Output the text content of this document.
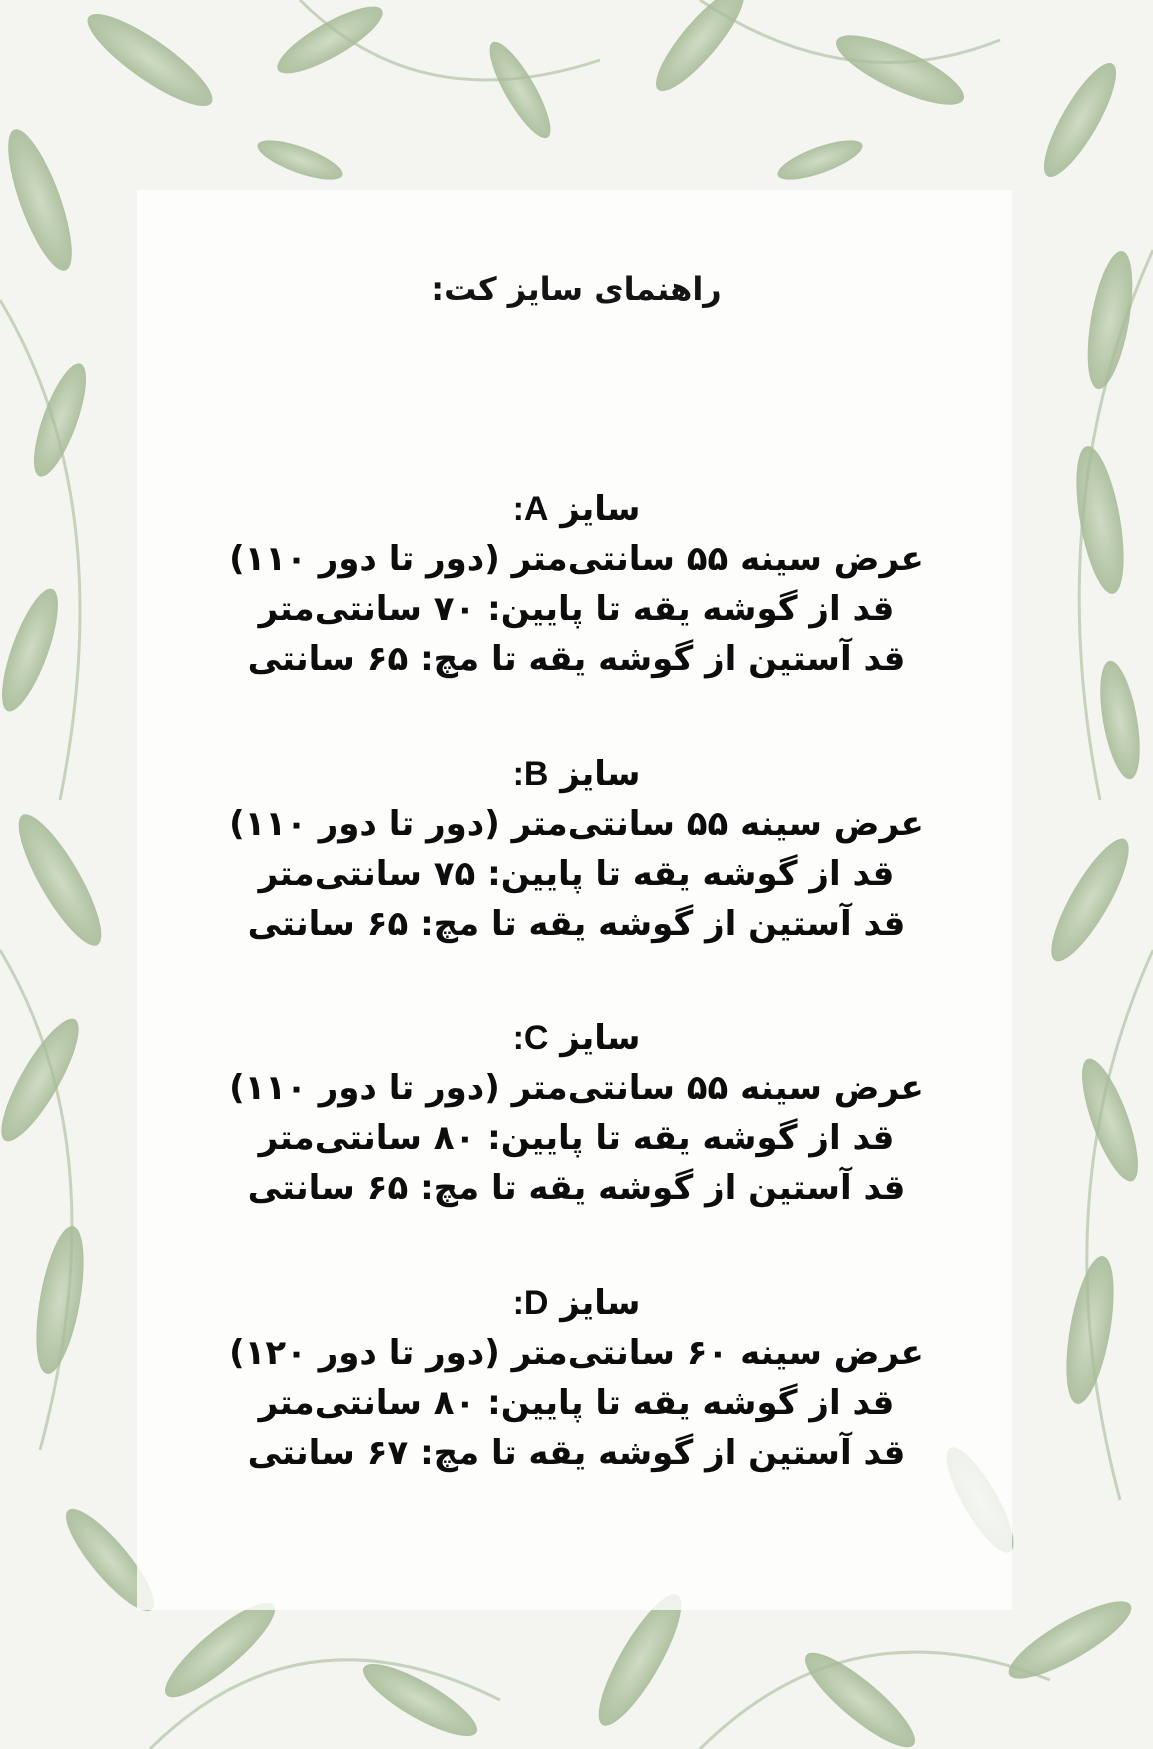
راهنمای سایز کت:
سایز A:
عرض سینه ۵۵ سانتی‌متر (دور تا دور ۱۱۰)
قد از گوشه یقه تا پایین: ۷۰ سانتی‌متر
قد آستین از گوشه یقه تا مچ: ۶۵ سانتی
سایز B:
عرض سینه ۵۵ سانتی‌متر (دور تا دور ۱۱۰)
قد از گوشه یقه تا پایین: ۷۵ سانتی‌متر
قد آستین از گوشه یقه تا مچ: ۶۵ سانتی
سایز C:
عرض سینه ۵۵ سانتی‌متر (دور تا دور ۱۱۰)
قد از گوشه یقه تا پایین: ۸۰ سانتی‌متر
قد آستین از گوشه یقه تا مچ: ۶۵ سانتی
سایز D:
عرض سینه ۶۰ سانتی‌متر (دور تا دور ۱۲۰)
قد از گوشه یقه تا پایین: ۸۰ سانتی‌متر
قد آستین از گوشه یقه تا مچ: ۶۷ سانتی
